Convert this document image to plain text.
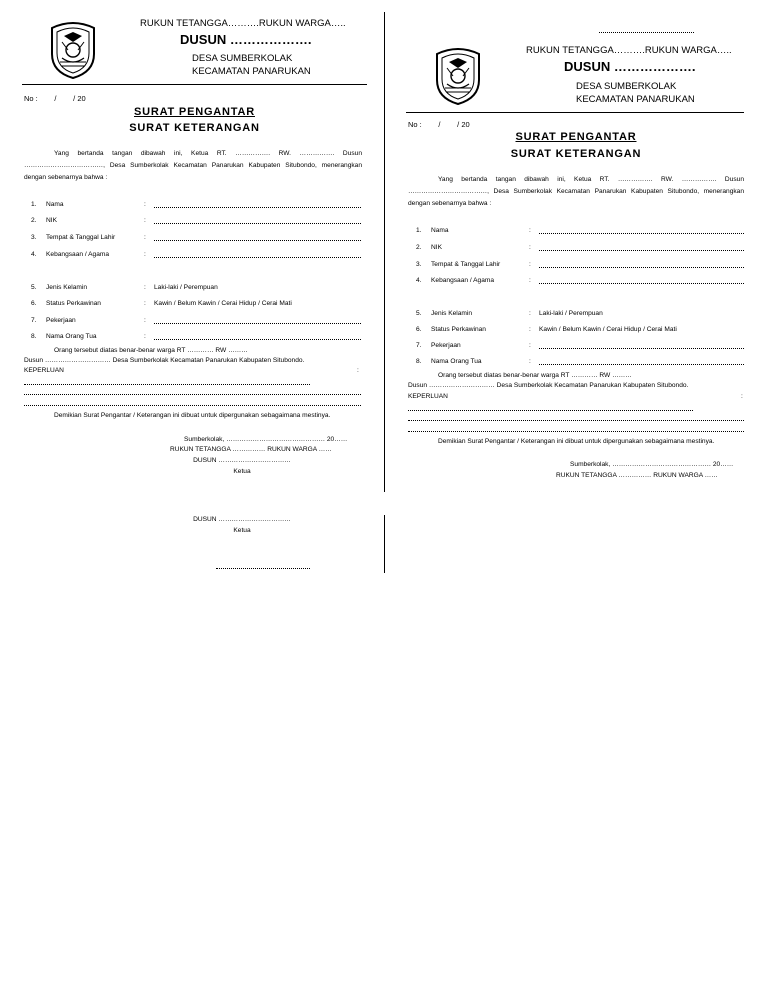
RUKUN TETANGGA……….RUKUN WARGA…..
DUSUN ……………….
DESA SUMBERKOLAK
KECAMATAN PANARUKAN
No :        /        / 20
SURAT PENGANTAR
SURAT KETERANGAN
Yang bertanda tangan dibawah ini, Ketua RT. ……………. RW. ……………. Dusun ………………………………, Desa Sumberkolak Kecamatan Panarukan Kabupaten Situbondo, menerangkan dengan sebenarnya bahwa :
1.	Nama	:
2.	NIK	:
3.	Tempat & Tanggal Lahir	:
4.	Kebangsaan / Agama	:
5.	Jenis Kelamin	:	Laki-laki / Perempuan
6.	Status Perkawinan	:	Kawin / Belum Kawin / Cerai Hidup / Cerai Mati
7.	Pekerjaan	:
8.	Nama Orang Tua	:
Orang tersebut diatas benar-benar warga RT ………… RW ………
Dusun ………………………… Desa Sumberkolak Kecamatan Panarukan Kabupaten Situbondo.
KEPERLUAN	:
Demikian Surat Pengantar / Keterangan ini dibuat untuk dipergunakan sebagaimana mestinya.
Sumberkolak, ……………………………………… 20……
RUKUN TETANGGA …………… RUKUN WARGA ……
DUSUN ……………………………
Ketua
DUSUN ……………………………
Ketua
RUKUN TETANGGA……….RUKUN WARGA…..
DUSUN ……………….
DESA SUMBERKOLAK
KECAMATAN PANARUKAN
No :        /        / 20
SURAT PENGANTAR
SURAT KETERANGAN
Yang bertanda tangan dibawah ini, Ketua RT. ……………. RW. ……………. Dusun ………………………………, Desa Sumberkolak Kecamatan Panarukan Kabupaten Situbondo, menerangkan dengan sebenarnya bahwa :
1.	Nama	:
2.	NIK	:
3.	Tempat & Tanggal Lahir	:
4.	Kebangsaan / Agama	:
5.	Jenis Kelamin	:	Laki-laki / Perempuan
6.	Status Perkawinan	:	Kawin / Belum Kawin / Cerai Hidup / Cerai Mati
7.	Pekerjaan	:
8.	Nama Orang Tua	:
Orang tersebut diatas benar-benar warga RT ………… RW ………
Dusun ………………………… Desa Sumberkolak Kecamatan Panarukan Kabupaten Situbondo.
KEPERLUAN	:
Demikian Surat Pengantar / Keterangan ini dibuat untuk dipergunakan sebagaimana mestinya.
Sumberkolak, ……………………………………… 20……
RUKUN TETANGGA …………… RUKUN WARGA ……
